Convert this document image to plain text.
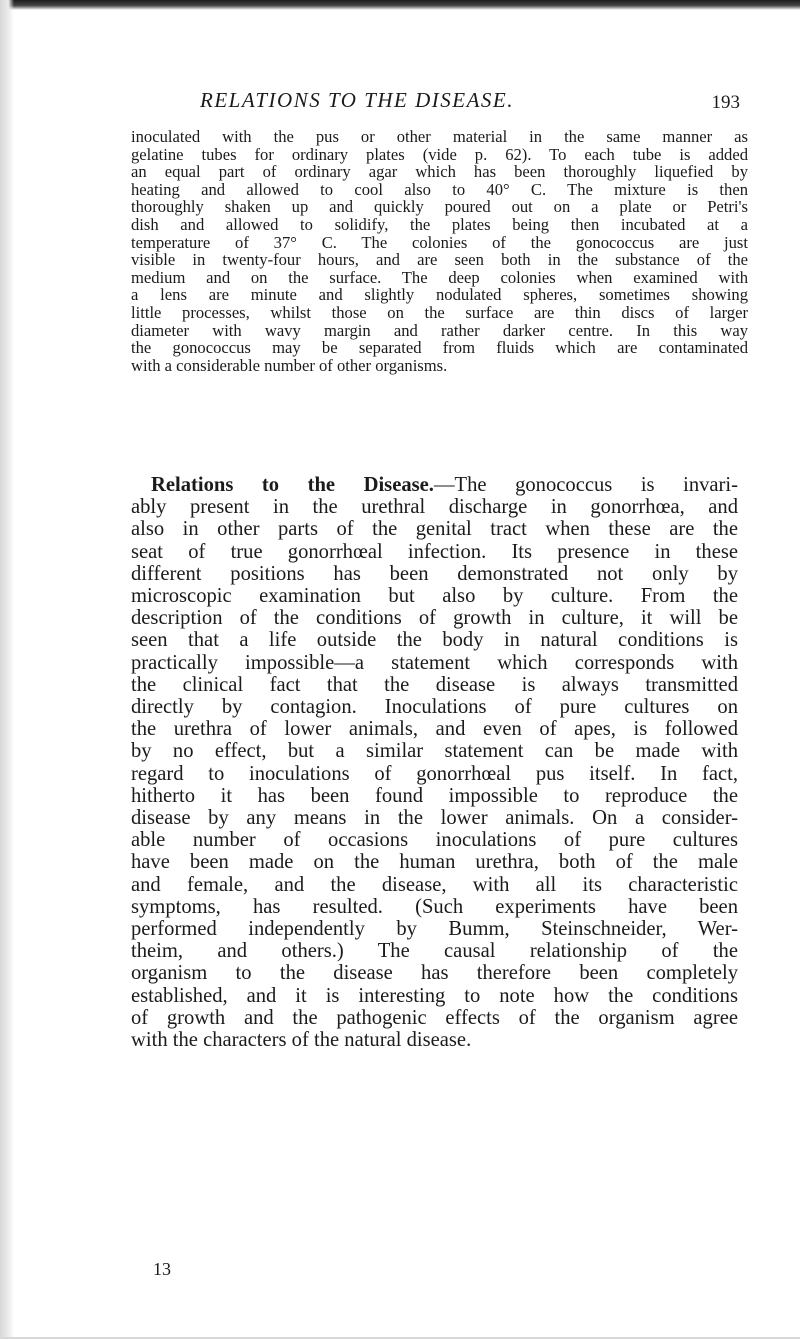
RELATIONS TO THE DISEASE.	193
inoculated with the pus or other material in the same manner as
gelatine tubes for ordinary plates (vide p. 62). To each tube is added
an equal part of ordinary agar which has been thoroughly liquefied by
heating and allowed to cool also to 40° C. The mixture is then
thoroughly shaken up and quickly poured out on a plate or Petri's
dish and allowed to solidify, the plates being then incubated at a
temperature of 37° C. The colonies of the gonococcus are just
visible in twenty-four hours, and are seen both in the substance of the
medium and on the surface. The deep colonies when examined with
a lens are minute and slightly nodulated spheres, sometimes showing
little processes, whilst those on the surface are thin discs of larger
diameter with wavy margin and rather darker centre. In this way
the gonococcus may be separated from fluids which are contaminated
with a considerable number of other organisms.
Relations to the Disease.—The gonococcus is invari-
ably present in the urethral discharge in gonorrhœa, and
also in other parts of the genital tract when these are the
seat of true gonorrhœal infection. Its presence in these
different positions has been demonstrated not only by
microscopic examination but also by culture. From the
description of the conditions of growth in culture, it will be
seen that a life outside the body in natural conditions is
practically impossible—a statement which corresponds with
the clinical fact that the disease is always transmitted
directly by contagion. Inoculations of pure cultures on
the urethra of lower animals, and even of apes, is followed
by no effect, but a similar statement can be made with
regard to inoculations of gonorrhœal pus itself. In fact,
hitherto it has been found impossible to reproduce the
disease by any means in the lower animals. On a consider-
able number of occasions inoculations of pure cultures
have been made on the human urethra, both of the male
and female, and the disease, with all its characteristic
symptoms, has resulted. (Such experiments have been
performed independently by Bumm, Steinschneider, Wer-
theim, and others.) The causal relationship of the
organism to the disease has therefore been completely
established, and it is interesting to note how the conditions
of growth and the pathogenic effects of the organism agree
with the characters of the natural disease.
13
